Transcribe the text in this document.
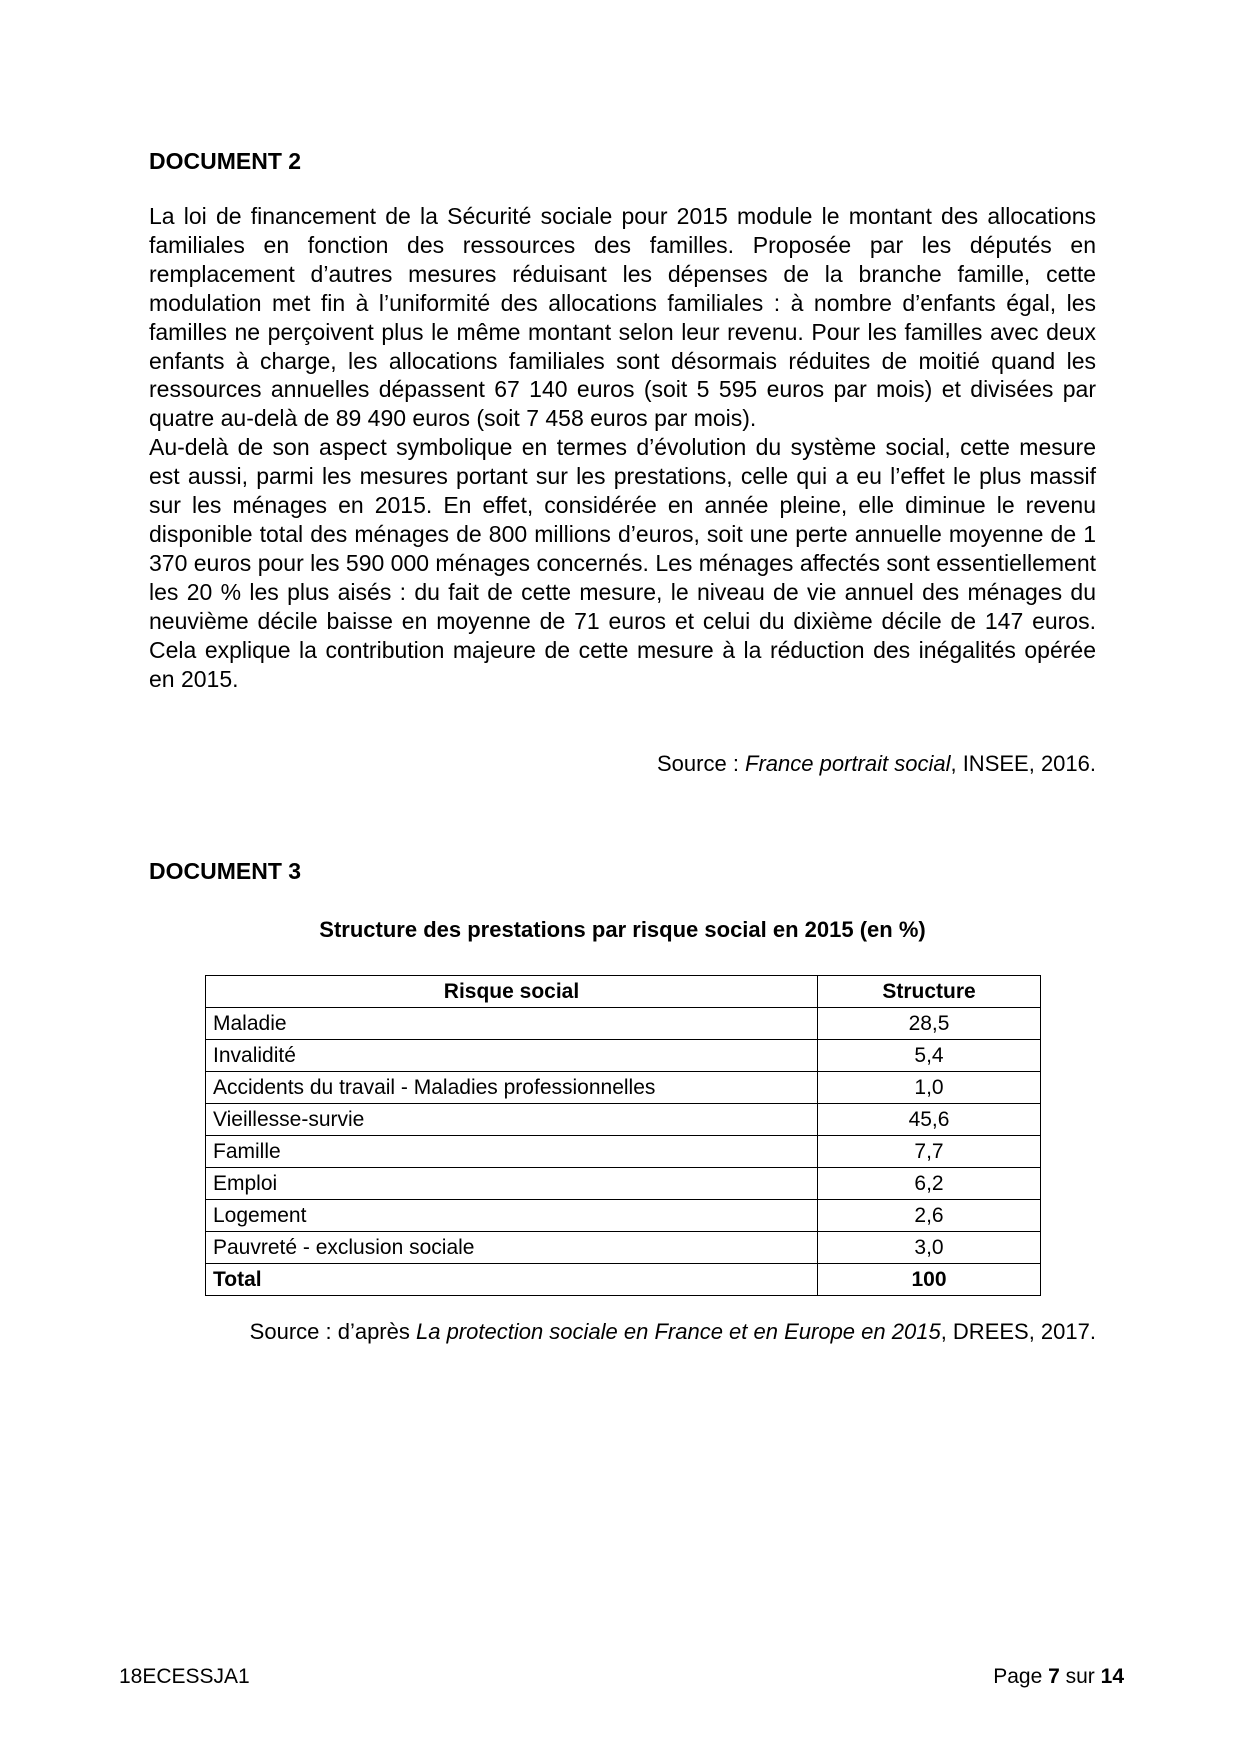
DOCUMENT 2

La loi de financement de la Sécurité sociale pour 2015 module le montant des allocations familiales en fonction des ressources des familles. Proposée par les députés en remplacement d’autres mesures réduisant les dépenses de la branche famille, cette modulation met fin à l’uniformité des allocations familiales : à nombre d’enfants égal, les familles ne perçoivent plus le même montant selon leur revenu. Pour les familles avec deux enfants à charge, les allocations familiales sont désormais réduites de moitié quand les ressources annuelles dépassent 67 140 euros (soit 5 595 euros par mois) et divisées par quatre au-delà de 89 490 euros (soit 7 458 euros par mois).

Au-delà de son aspect symbolique en termes d’évolution du système social, cette mesure est aussi, parmi les mesures portant sur les prestations, celle qui a eu l’effet le plus massif sur les ménages en 2015. En effet, considérée en année pleine, elle diminue le revenu disponible total des ménages de 800 millions d’euros, soit une perte annuelle moyenne de 1 370 euros pour les 590 000 ménages concernés. Les ménages affectés sont essentiellement les 20 % les plus aisés : du fait de cette mesure, le niveau de vie annuel des ménages du neuvième décile baisse en moyenne de 71 euros et celui du dixième décile de 147 euros. Cela explique la contribution majeure de cette mesure à la réduction des inégalités opérée en 2015.

Source : France portrait social, INSEE, 2016.

DOCUMENT 3

Structure des prestations par risque social en 2015 (en %)
Risque social	Structure
Maladie	28,5
Invalidité	5,4
Accidents du travail - Maladies professionnelles	1,0
Vieillesse-survie	45,6
Famille	7,7
Emploi	6,2
Logement	2,6
Pauvreté - exclusion sociale	3,0
Total	100
Source : d’après La protection sociale en France et en Europe en 2015, DREES, 2017.
18ECESSJA1	Page 7 sur 14
